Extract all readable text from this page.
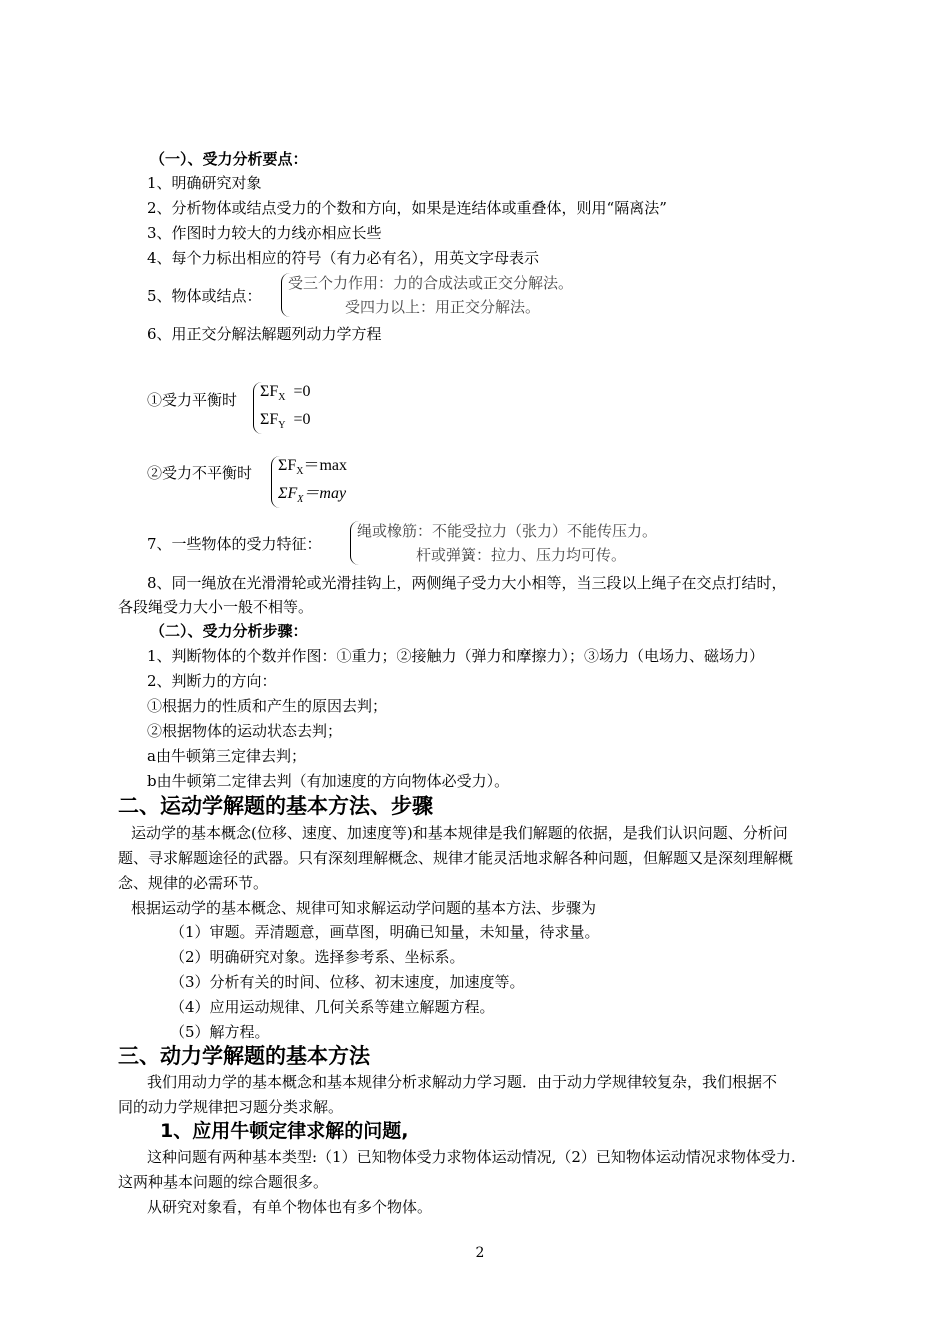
（一）、受力分析要点：
1、明确研究对象
2、分析物体或结点受力的个数和方向，如果是连结体或重叠体，则用“隔离法”
3、作图时力较大的力线亦相应长些
4、每个力标出相应的符号（有力必有名），用英文字母表示
5、物体或结点：
受三个力作用：力的合成法或正交分解法。
受四力以上：用正交分解法。
6、用正交分解法解题列动力学方程
①受力平衡时 $\Sigma F_X =0$
$\Sigma F_Y =0$
②受力不平衡时 $\Sigma F_X=\max$
$\Sigma F_X=may$
7、一些物体的受力特征：
绳或橡筋：不能受拉力（张力）不能传压力。
杆或弹簧：拉力、压力均可传。
8、同一绳放在光滑滑轮或光滑挂钩上，两侧绳子受力大小相等，当三段以上绳子在交点打结时，
各段绳受力大小一般不相等。
（二）、受力分析步骤：
1、判断物体的个数并作图：①重力；②接触力（弹力和摩擦力）；③场力（电场力、磁场力）
2、判断力的方向：
①根据力的性质和产生的原因去判；
②根据物体的运动状态去判；
a由牛顿第三定律去判；
b由牛顿第二定律去判（有加速度的方向物体必受力）。
二、运动学解题的基本方法、步骤
运动学的基本概念(位移、速度、加速度等)和基本规律是我们解题的依据，是我们认识问题、分析问
题、寻求解题途径的武器。只有深刻理解概念、规律才能灵活地求解各种问题，但解题又是深刻理解概
念、规律的必需环节。
根据运动学的基本概念、规律可知求解运动学问题的基本方法、步骤为
（1）审题。弄清题意，画草图，明确已知量，未知量，待求量。
（2）明确研究对象。选择参考系、坐标系。
（3）分析有关的时间、位移、初末速度，加速度等。
（4）应用运动规律、几何关系等建立解题方程。
（5）解方程。
三、动力学解题的基本方法
我们用动力学的基本概念和基本规律分析求解动力学习题．由于动力学规律较复杂，我们根据不
同的动力学规律把习题分类求解。
1、应用牛顿定律求解的问题,
这种问题有两种基本类型:（1）已知物体受力求物体运动情况,（2）已知物体运动情况求物体受力.
这两种基本问题的综合题很多。
从研究对象看，有单个物体也有多个物体。
2
